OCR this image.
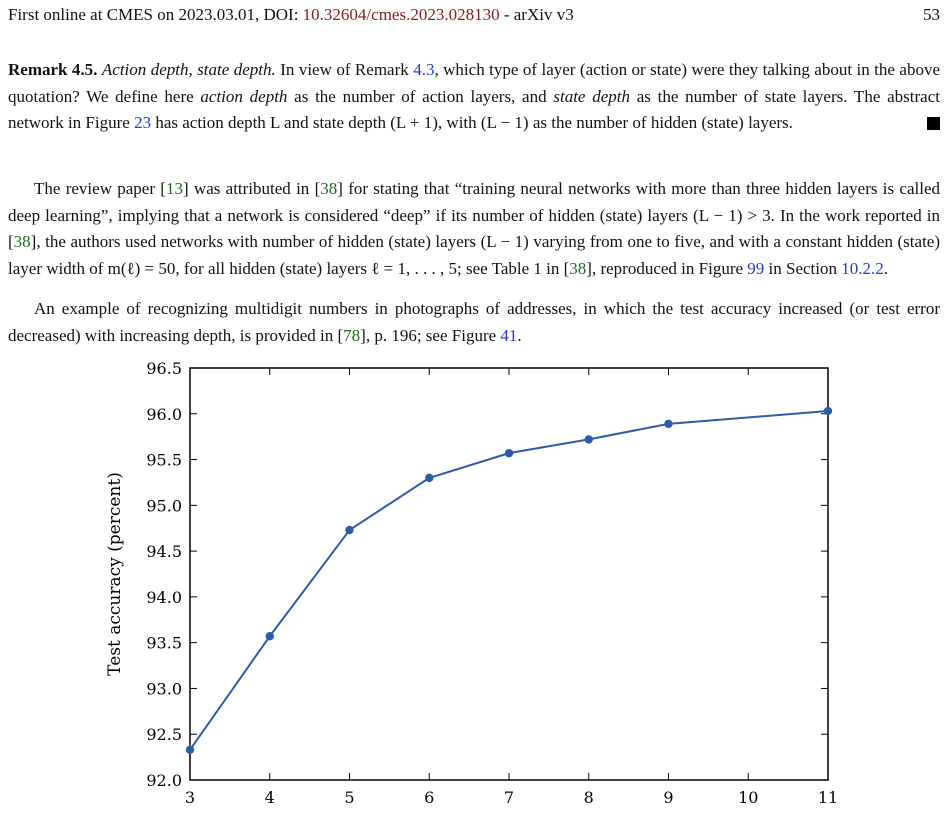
First online at CMES on 2023.03.01, DOI: 10.32604/cmes.2023.028130 - arXiv v3	53

Remark 4.5. Action depth, state depth. In view of Remark 4.3, which type of layer (action or state) were they talking about in the above quotation? We define here action depth as the number of action layers, and state depth as the number of state layers. The abstract network in Figure 23 has action depth L and state depth (L + 1), with (L − 1) as the number of hidden (state) layers.

The review paper [13] was attributed in [38] for stating that “training neural networks with more than three hidden layers is called deep learning”, implying that a network is considered “deep” if its number of hidden (state) layers (L − 1) > 3. In the work reported in [38], the authors used networks with number of hidden (state) layers (L − 1) varying from one to five, and with a constant hidden (state) layer width of m(ℓ) = 50, for all hidden (state) layers ℓ = 1, . . . , 5; see Table 1 in [38], reproduced in Figure 99 in Section 10.2.2.

An example of recognizing multidigit numbers in photographs of addresses, in which the test accuracy increased (or test error decreased) with increasing depth, is provided in [78], p. 196; see Figure 41.

92.0
92.5
93.0
93.5
94.0
94.5
95.0
95.5
96.0
96.5
3	4	5	6	7	8	9	10	11
Test accuracy (percent)
